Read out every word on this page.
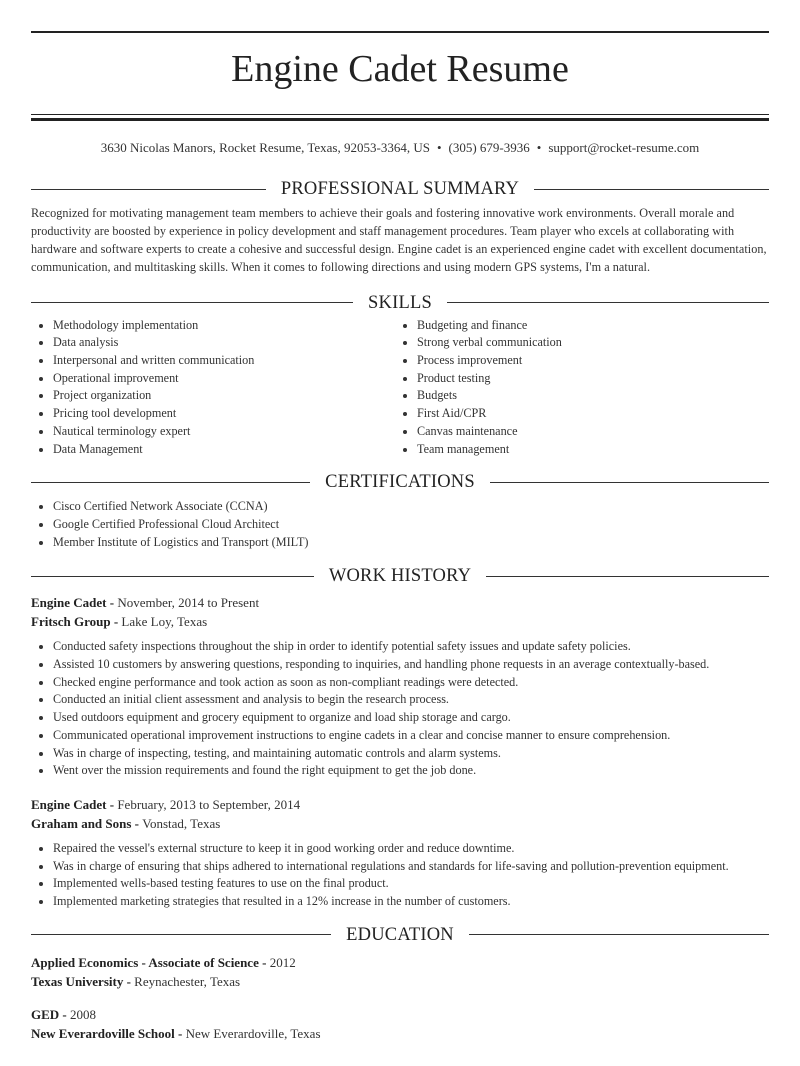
Engine Cadet Resume
3630 Nicolas Manors, Rocket Resume, Texas, 92053-3364, US • (305) 679-3936 • support@rocket-resume.com
PROFESSIONAL SUMMARY

Recognized for motivating management team members to achieve their goals and fostering innovative work environments. Overall morale and productivity are boosted by experience in policy development and staff management procedures. Team player who excels at collaborating with hardware and software experts to create a cohesive and successful design. Engine cadet is an experienced engine cadet with excellent documentation, communication, and multitasking skills. When it comes to following directions and using modern GPS systems, I'm a natural.

SKILLS
Methodology implementation
Data analysis
Interpersonal and written communication
Operational improvement
Project organization
Pricing tool development
Nautical terminology expert
Data Management
Budgeting and finance
Strong verbal communication
Process improvement
Product testing
Budgets
First Aid/CPR
Canvas maintenance
Team management
CERTIFICATIONS
Cisco Certified Network Associate (CCNA)
Google Certified Professional Cloud Architect
Member Institute of Logistics and Transport (MILT)
WORK HISTORY
Engine Cadet - November, 2014 to Present
Fritsch Group - Lake Loy, Texas
Conducted safety inspections throughout the ship in order to identify potential safety issues and update safety policies.
Assisted 10 customers by answering questions, responding to inquiries, and handling phone requests in an average contextually-based.
Checked engine performance and took action as soon as non-compliant readings were detected.
Conducted an initial client assessment and analysis to begin the research process.
Used outdoors equipment and grocery equipment to organize and load ship storage and cargo.
Communicated operational improvement instructions to engine cadets in a clear and concise manner to ensure comprehension.
Was in charge of inspecting, testing, and maintaining automatic controls and alarm systems.
Went over the mission requirements and found the right equipment to get the job done.
Engine Cadet - February, 2013 to September, 2014
Graham and Sons - Vonstad, Texas
Repaired the vessel's external structure to keep it in good working order and reduce downtime.
Was in charge of ensuring that ships adhered to international regulations and standards for life-saving and pollution-prevention equipment.
Implemented wells-based testing features to use on the final product.
Implemented marketing strategies that resulted in a 12% increase in the number of customers.
EDUCATION
Applied Economics - Associate of Science - 2012
Texas University - Reynachester, Texas
GED - 2008
New Everardoville School - New Everardoville, Texas
